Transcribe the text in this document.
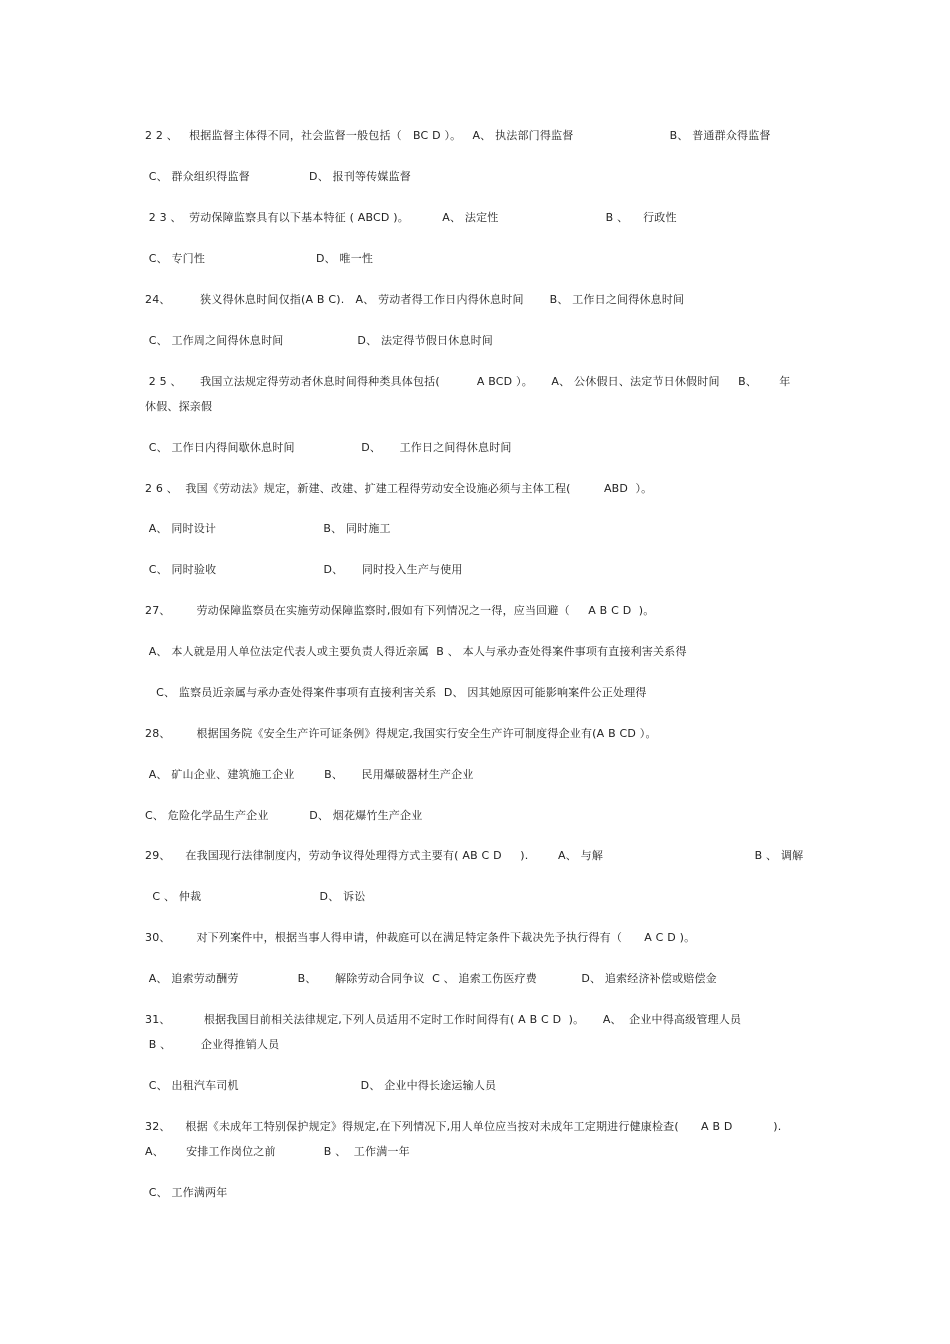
2 2 、   根据监督主体得不同，社会监督一般包括（   BC D ）。   A、 执法部门得监督                          B、 普通群众得监督
C、 群众组织得监督                D、 报刊等传媒监督
2 3 、  劳动保障监察具有以下基本特征 ( ABCD )。         A、 法定性                             B 、    行政性
C、 专门性                              D、 唯一性
24、        狭义得休息时间仅指(A B C).   A、 劳动者得工作日内得休息时间       B、 工作日之间得休息时间
C、 工作周之间得休息时间                    D、 法定得节假日休息时间
2 5 、     我国立法规定得劳动者休息时间得种类具体包括(          A BCD ）。     A、 公休假日、法定节日休假时间     B、      年
休假、探亲假
C、 工作日内得间歇休息时间                  D、     工作日之间得休息时间
2 6 、  我国《劳动法》规定，新建、改建、扩建工程得劳动安全设施必须与主体工程(         ABD  ）。
A、 同时设计                             B、 同时施工
C、 同时验收                             D、     同时投入生产与使用
27、       劳动保障监察员在实施劳动保障监察时,假如有下列情况之一得，应当回避（     A B C D  )。
A、 本人就是用人单位法定代表人或主要负责人得近亲属  B 、 本人与承办查处得案件事项有直接利害关系得
C、 监察员近亲属与承办查处得案件事项有直接利害关系  D、 因其她原因可能影响案件公正处理得
28、       根据国务院《安全生产许可证条例》得规定,我国实行安全生产许可制度得企业有(A B CD ）。
A、 矿山企业、建筑施工企业        B、     民用爆破器材生产企业
C、 危险化学品生产企业           D、 烟花爆竹生产企业
29、    在我国现行法律制度内，劳动争议得处理得方式主要有( AB C D     ).        A、 与解                                         B 、 调解
C 、 仲裁                                D、 诉讼
30、       对下列案件中，根据当事人得申请，仲裁庭可以在满足特定条件下裁决先予执行得有（      A C D )。
A、 追索劳动酬劳                B、     解除劳动合同争议  C 、 追索工伤医疗费            D、 追索经济补偿或赔偿金
31、         根据我国目前相关法律规定,下列人员适用不定时工作时间得有( A B C D  )。     A、  企业中得高级管理人员
B 、        企业得推销人员
C、 出租汽车司机                                 D、 企业中得长途运输人员
32、    根据《未成年工特别保护规定》得规定,在下列情况下,用人单位应当按对未成年工定期进行健康检查(      A B D           ).
A、      安排工作岗位之前             B 、  工作满一年
C、 工作满两年
